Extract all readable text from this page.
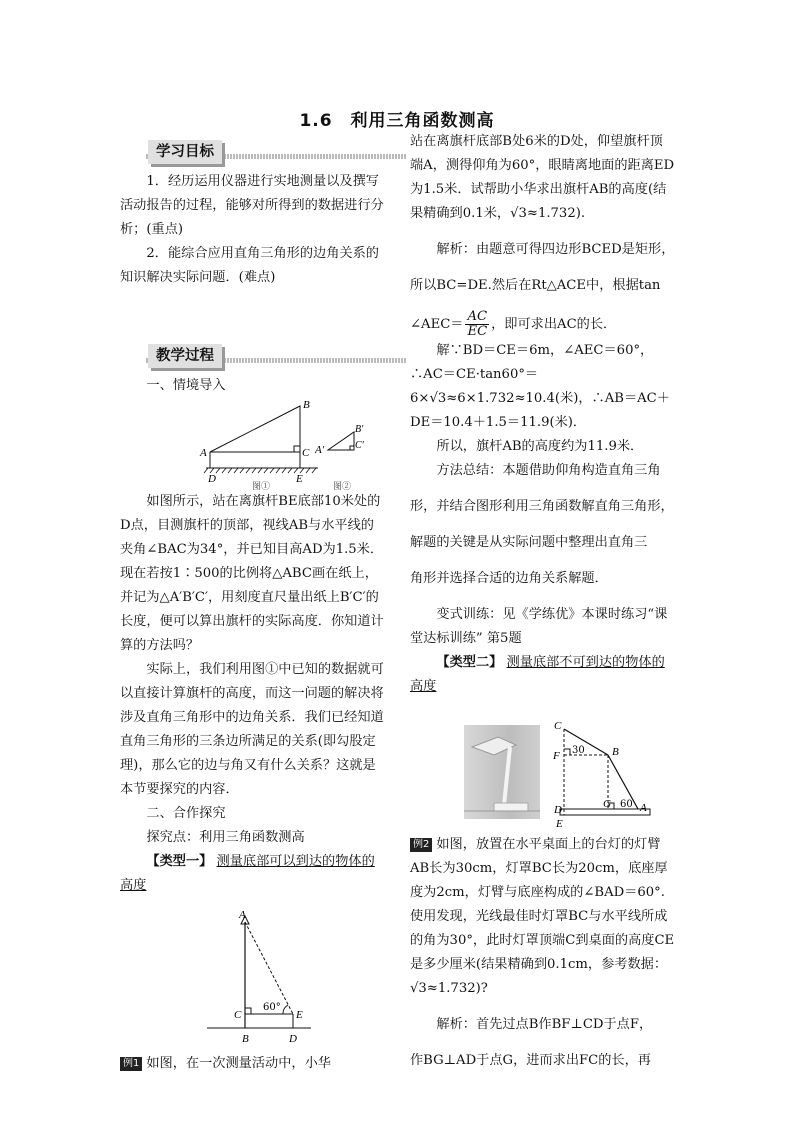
1.6　利用三角函数测高
学习目标

1．经历运用仪器进行实地测量以及撰写活动报告的过程，能够对所得到的数据进行分析；(重点)

2．能综合应用直角三角形的边角关系的知识解决实际问题．(难点)

教学过程

一、情境导入

A
B
C
D	E
A′
B′
C′
图①	图②

如图所示，站在离旗杆BE底部10米处的D点，目测旗杆的顶部，视线AB与水平线的夹角∠BAC为34°，并已知目高AD为1.5米．现在若按1∶500的比例将△ABC画在纸上，并记为△A′B′C′，用刻度直尺量出纸上B′C′的长度，便可以算出旗杆的实际高度．你知道计算的方法吗？

实际上，我们利用图①中已知的数据就可以直接计算旗杆的高度，而这一问题的解决将涉及直角三角形中的边角关系．我们已经知道直角三角形的三条边所满足的关系(即勾股定理)，那么它的边与角又有什么关系？这就是本节要探究的内容．

二、合作探究

探究点：利用三角函数测高

【类型一】 测量底部可以到达的物体的高度

A
C	E
B	D
60°

例1 如图，在一次测量活动中，小华

站在离旗杆底部B处6米的D处，仰望旗杆顶端A，测得仰角为60°，眼睛离地面的距离ED为1.5米．试帮助小华求出旗杆AB的高度(结果精确到0.1米，√3≈1.732).

解析：由题意可得四边形BCED是矩形，

所以BC=DE.然后在Rt△ACE中，根据tan

∠AEC＝ $\frac{AC}{EC}$ ，即可求出AC的长．

解∵BD＝CE＝6m，∠AEC＝60°，∴AC＝CE·tan60°＝6×√3≈6×1.732≈10.4(米)，∴AB＝AC＋DE＝10.4＋1.5＝11.9(米)．

所以，旗杆AB的高度约为11.9米．

方法总结：本题借助仰角构造直角三角

形，并结合图形利用三角函数解直角三角形，

解题的关键是从实际问题中整理出直角三

角形并选择合适的边角关系解题．

变式训练：见《学练优》本课时练习“课堂达标训练” 第5题

【类型二】 测量底部不可到达的物体的高度

C
F	B
D	G	A
E
30
60

例2 如图，放置在水平桌面上的台灯的灯臂AB长为30cm，灯罩BC长为20cm，底座厚度为2cm，灯臂与底座构成的∠BAD＝60°.使用发现，光线最佳时灯罩BC与水平线所成的角为30°，此时灯罩顶端C到桌面的高度CE是多少厘米(结果精确到0.1cm，参考数据：√3≈1.732)?

解析：首先过点B作BF⊥CD于点F，

作BG⊥AD于点G，进而求出FC的长，再
